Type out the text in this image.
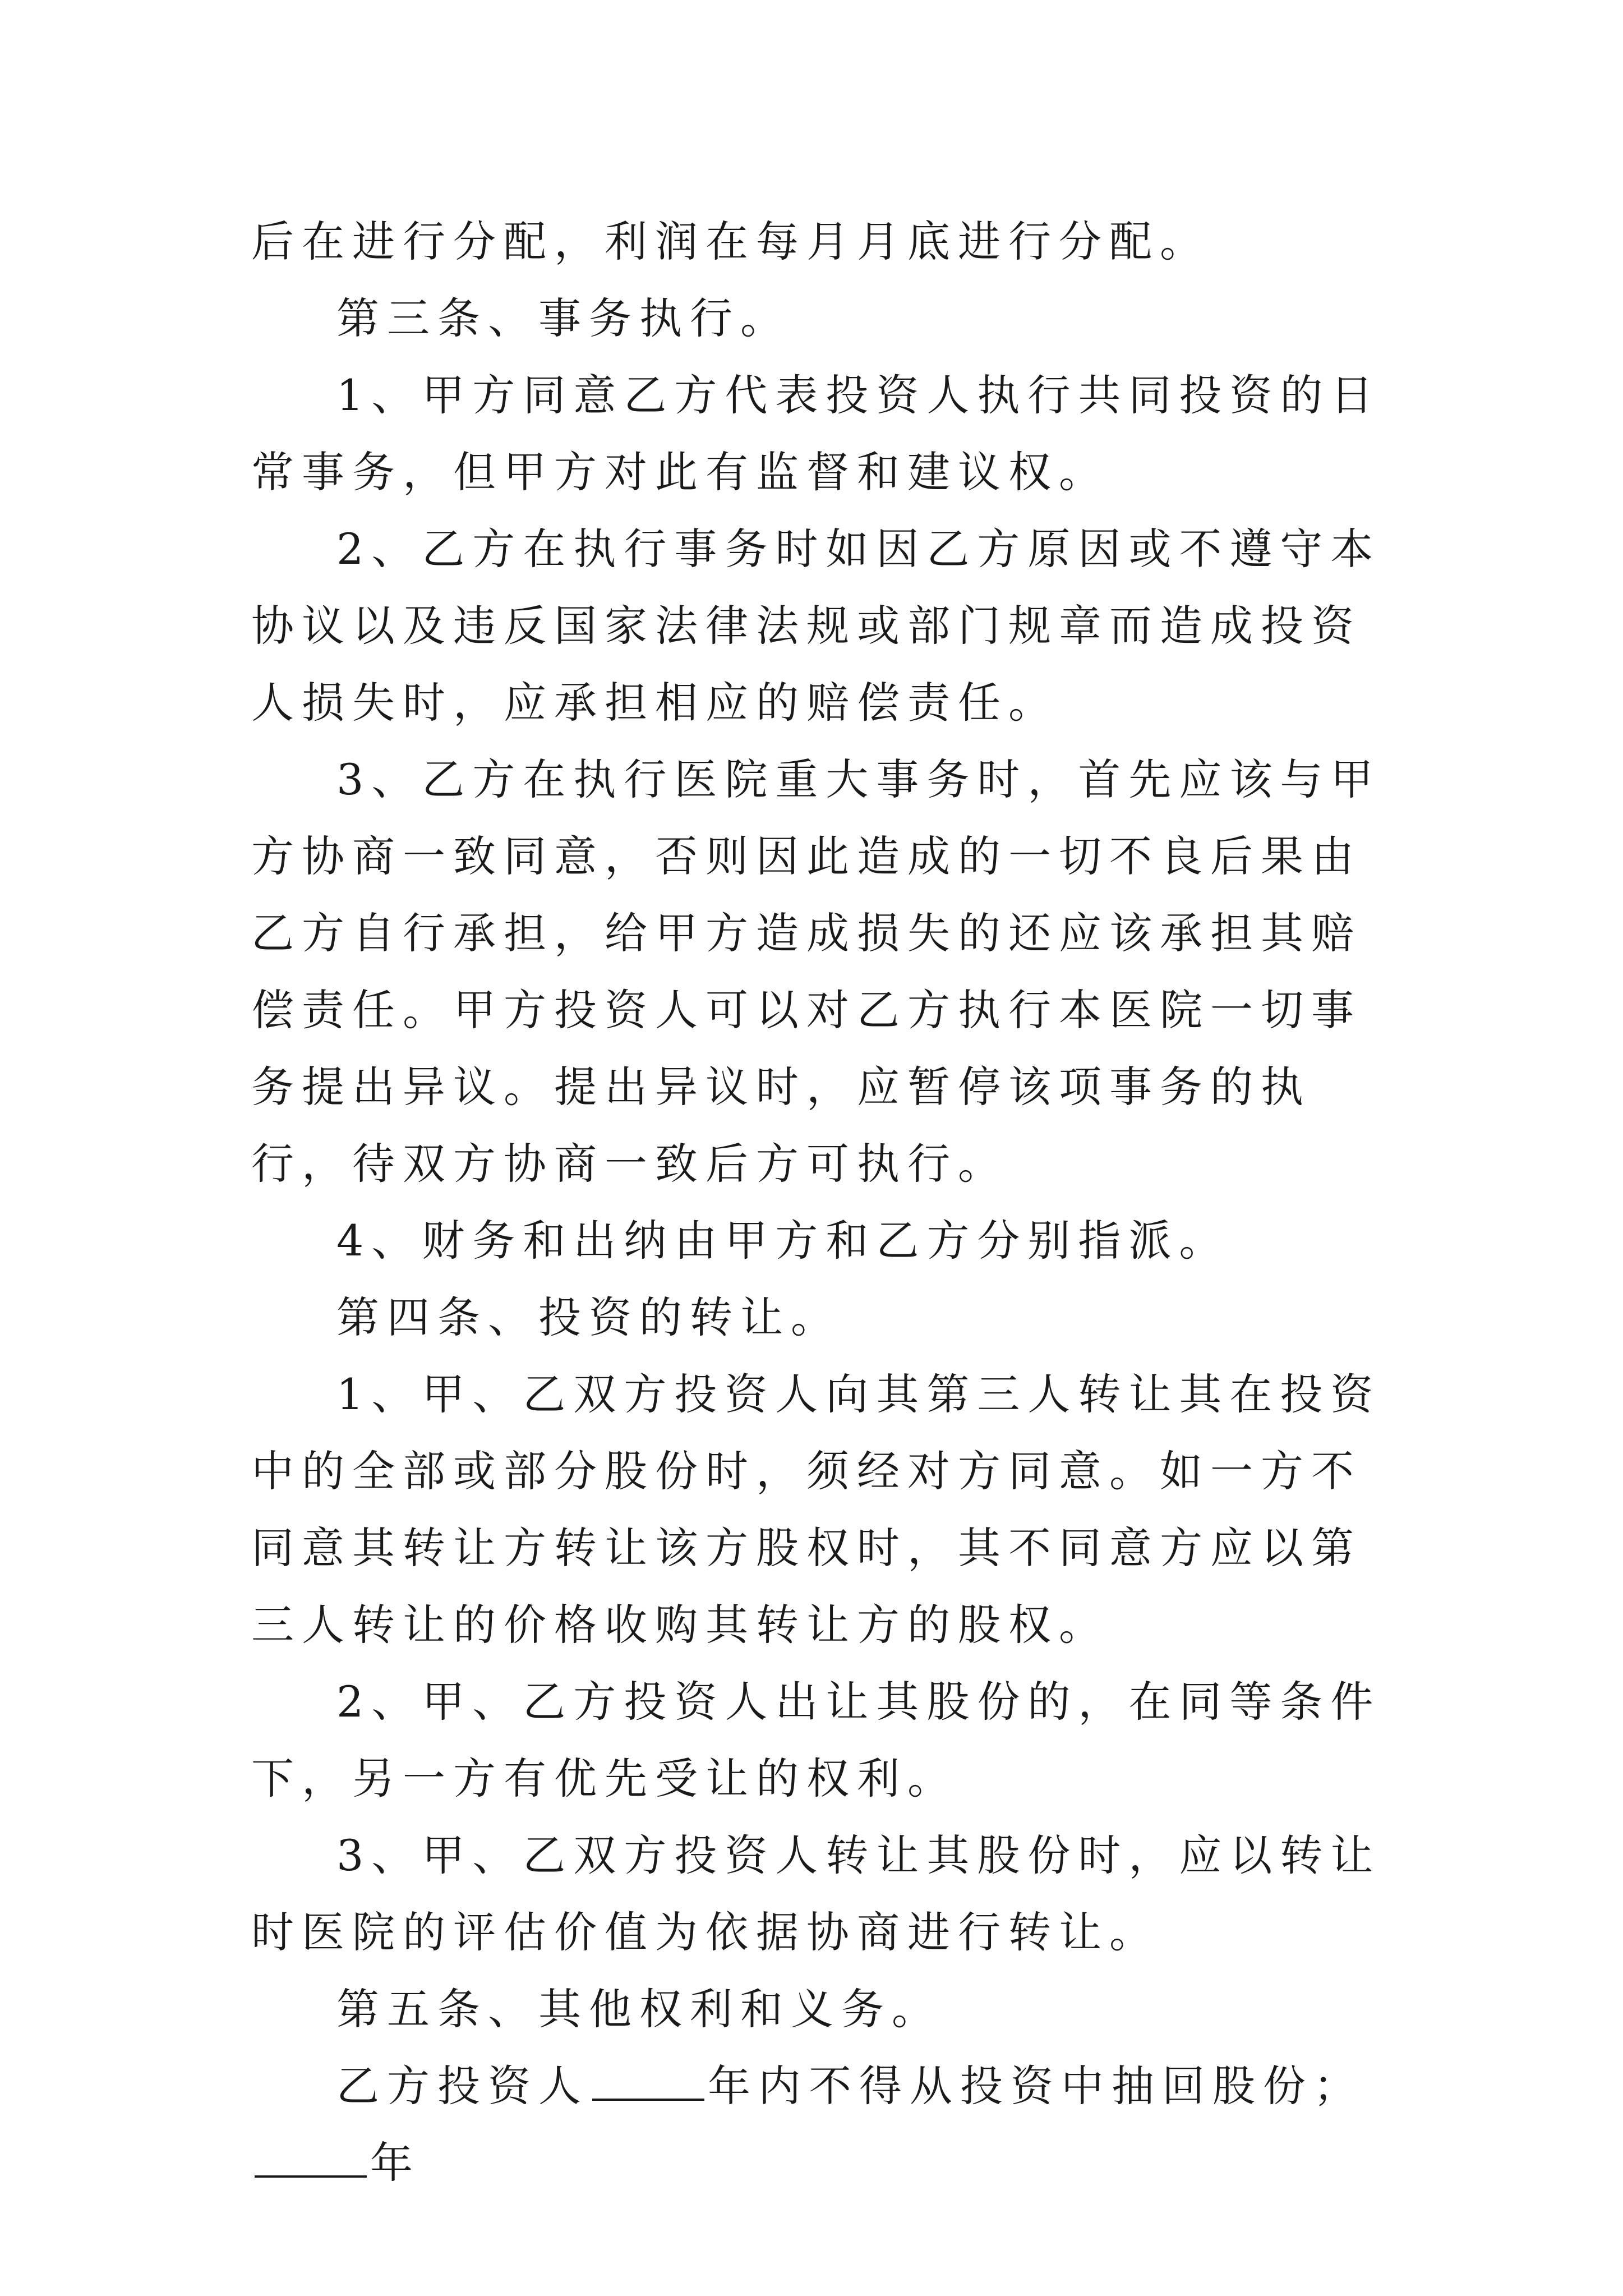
后在进行分配，利润在每月月底进行分配。

第三条、事务执行。

1、甲方同意乙方代表投资人执行共同投资的日常事务，但甲方对此有监督和建议权。

2、乙方在执行事务时如因乙方原因或不遵守本协议以及违反国家法律法规或部门规章而造成投资人损失时，应承担相应的赔偿责任。

3、乙方在执行医院重大事务时，首先应该与甲方协商一致同意，否则因此造成的一切不良后果由乙方自行承担，给甲方造成损失的还应该承担其赔偿责任。甲方投资人可以对乙方执行本医院一切事务提出异议。提出异议时，应暂停该项事务的执行，待双方协商一致后方可执行。

4、财务和出纳由甲方和乙方分别指派。

第四条、投资的转让。

1、甲、乙双方投资人向其第三人转让其在投资中的全部或部分股份时，须经对方同意。如一方不同意其转让方转让该方股权时，其不同意方应以第三人转让的价格收购其转让方的股权。

2、甲、乙方投资人出让其股份的，在同等条件下，另一方有优先受让的权利。

3、甲、乙双方投资人转让其股份时，应以转让时医院的评估价值为依据协商进行转让。

第五条、其他权利和义务。

乙方投资人	年内不得从投资中抽回股份；年
